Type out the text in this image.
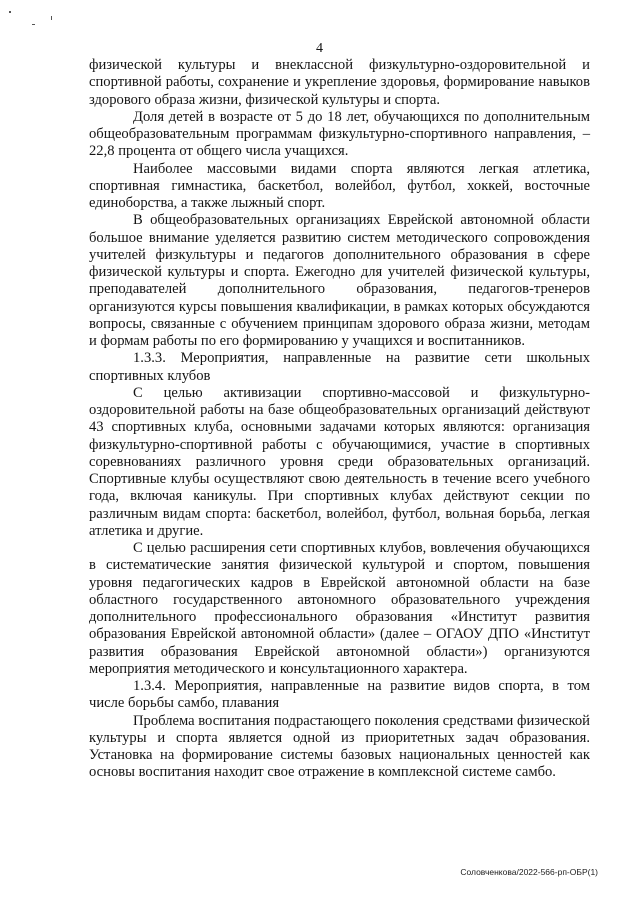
4

физической культуры и внеклассной физкультурно-оздоровительной и спортивной работы, сохранение и укрепление здоровья, формирование навыков здорового образа жизни, физической культуры и спорта.

Доля детей в возрасте от 5 до 18 лет, обучающихся по дополнительным общеобразовательным программам физкультурно-спортивного направления, – 22,8 процента от общего числа учащихся.

Наиболее массовыми видами спорта являются легкая атлетика, спортивная гимнастика, баскетбол, волейбол, футбол, хоккей, восточные единоборства, а также лыжный спорт.

В общеобразовательных организациях Еврейской автономной области большое внимание уделяется развитию систем методического сопровождения учителей физкультуры и педагогов дополнительного образования в сфере физической культуры и спорта. Ежегодно для учителей физической культуры, преподавателей дополнительного образования, педагогов-тренеров организуются курсы повышения квалификации, в рамках которых обсуждаются вопросы, связанные с обучением принципам здорового образа жизни, методам и формам работы по его формированию у учащихся и воспитанников.

1.3.3. Мероприятия, направленные на развитие сети школьных спортивных клубов

С целью активизации спортивно-массовой и физкультурно-оздоровительной работы на базе общеобразовательных организаций действуют 43 спортивных клуба, основными задачами которых являются: организация физкультурно-спортивной работы с обучающимися, участие в спортивных соревнованиях различного уровня среди образовательных организаций. Спортивные клубы осуществляют свою деятельность в течение всего учебного года, включая каникулы. При спортивных клубах действуют секции по различным видам спорта: баскетбол, волейбол, футбол, вольная борьба, легкая атлетика и другие.

С целью расширения сети спортивных клубов, вовлечения обучающихся в систематические занятия физической культурой и спортом, повышения уровня педагогических кадров в Еврейской автономной области на базе областного государственного автономного образовательного учреждения дополнительного профессионального образования «Институт развития образования Еврейской автономной области» (далее – ОГАОУ ДПО «Институт развития образования Еврейской автономной области») организуются мероприятия методического и консультационного характера.

1.3.4. Мероприятия, направленные на развитие видов спорта, в том числе борьбы самбо, плавания

Проблема воспитания подрастающего поколения средствами физической культуры и спорта является одной из приоритетных задач образования. Установка на формирование системы базовых национальных ценностей как основы воспитания находит свое отражение в комплексной системе самбо.

Соловченкова/2022-566-рп-ОБР(1)
